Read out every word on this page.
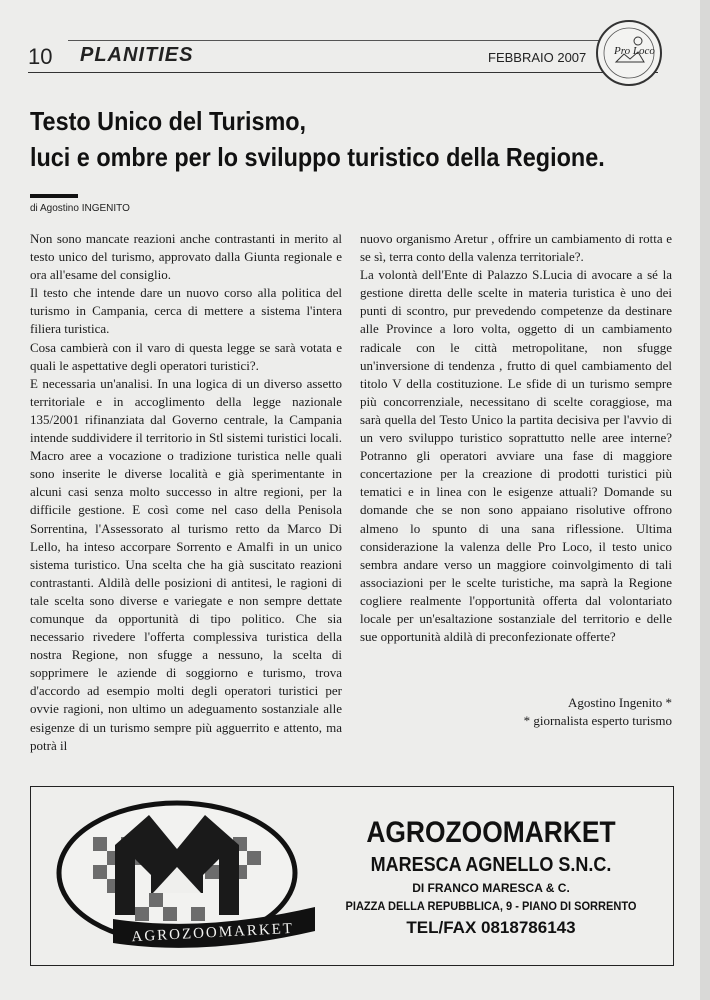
10 PLANITIES	FEBBRAIO 2007	Pro Loco
Testo Unico del Turismo,
luci e ombre per lo sviluppo turistico della Regione.
di Agostino INGENITO

Non sono mancate reazioni anche contrastanti in merito al testo unico del turismo, approvato dalla Giunta regionale e ora all'esame del consiglio.

Il testo che intende dare un nuovo corso alla politica del turismo in Campania, cerca di mettere a sistema l'intera filiera turistica.

Cosa cambierà con il varo di questa legge se sarà votata e quali le aspettative degli operatori turistici?.

E necessaria un'analisi. In una logica di un diverso assetto territoriale e in accoglimento della legge nazionale 135/2001 rifinanziata dal Governo centrale, la Campania intende suddividere il territorio in Stl sistemi turistici locali. Macro aree a vocazione o tradizione turistica nelle quali sono inserite le diverse località e già sperimentante in alcuni casi senza molto successo in altre regioni, per la difficile gestione. E così come nel caso della Penisola Sorrentina, l'Assessorato al turismo retto da Marco Di Lello, ha inteso accorpare Sorrento e Amalfi in un unico sistema turistico. Una scelta che ha già suscitato reazioni contrastanti. Aldilà delle posizioni di antitesi, le ragioni di tale scelta sono diverse e variegate e non sempre dettate comunque da opportunità di tipo politico. Che sia necessario rivedere l'offerta complessiva turistica della nostra Regione, non sfugge a nessuno, la scelta di sopprimere le aziende di soggiorno e turismo, trova d'accordo ad esempio molti degli operatori turistici per ovvie ragioni, non ultimo un adeguamento sostanziale alle esigenze di un turismo sempre più agguerrito e attento, ma potrà il

nuovo organismo Aretur , offrire un cambiamento di rotta e se sì, terra conto della valenza territoriale?.

La volontà dell'Ente di Palazzo S.Lucia di avocare a sé la gestione diretta delle scelte in materia turistica è uno dei punti di scontro, pur prevedendo competenze da destinare alle Province a loro volta, oggetto di un cambiamento radicale con le città metropolitane, non sfugge un'inversione di tendenza , frutto di quel cambiamento del titolo V della costituzione. Le sfide di un turismo sempre più concorrenziale, necessitano di scelte coraggiose, ma sarà quella del Testo Unico la partita decisiva per l'avvio di un vero sviluppo turistico soprattutto nelle aree interne? Potranno gli operatori avviare una fase di maggiore concertazione per la creazione di prodotti turistici più tematici e in linea con le esigenze attuali? Domande su domande che se non sono appaiano risolutive offrono almeno lo spunto di una sana riflessione. Ultima considerazione la valenza delle Pro Loco, il testo unico sembra andare verso un maggiore coinvolgimento di tali associazioni per le scelte turistiche, ma saprà la Regione cogliere realmente l'opportunità offerta dal volontariato locale per un'esaltazione sostanziale del territorio e delle sue opportunità aldilà di preconfezionate offerte?

Agostino Ingenito *
* giornalista esperto turismo
AGROZOOMARKET
AGROZOOMARKET
MARESCA AGNELLO S.N.C.
DI FRANCO MARESCA & C.
PIAZZA DELLA REPUBBLICA, 9 - PIANO DI SORRENTO
TEL/FAX 0818786143
